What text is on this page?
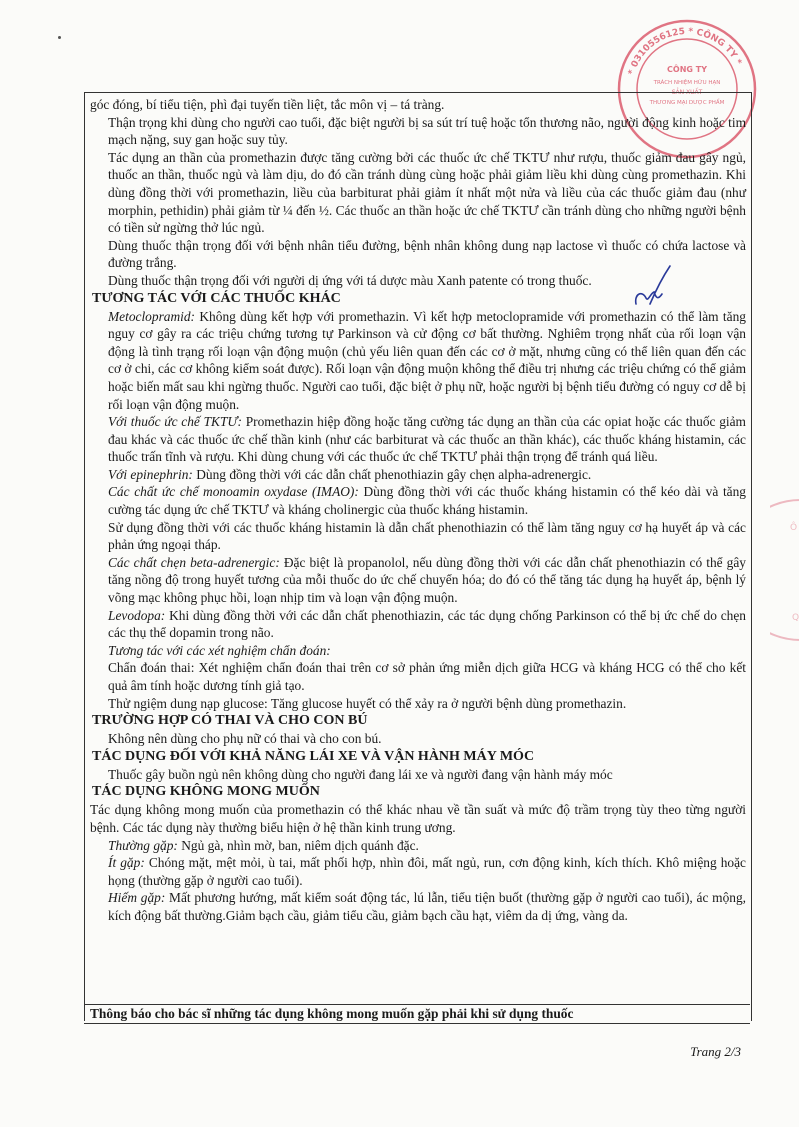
* 0310556125 * CÔNG TY *
CÔNG TY
TRÁCH NHIỆM HỮU HẠN
SẢN XUẤT
THƯƠNG MẠI DƯỢC PHẨM
Ô
Q

góc đóng, bí tiểu tiện, phì đại tuyến tiền liệt, tắc môn vị – tá tràng.

Thận trọng khi dùng cho người cao tuổi, đặc biệt người bị sa sút trí tuệ hoặc tổn thương não, người động kinh hoặc tim mạch nặng, suy gan hoặc suy tủy.

Tác dụng an thần của promethazin được tăng cường bởi các thuốc ức chế TKTƯ như rượu, thuốc giảm đau gây ngủ, thuốc an thần, thuốc ngủ và làm dịu, do đó cần tránh dùng cùng hoặc phải giảm liều khi dùng cùng promethazin. Khi dùng đồng thời với promethazin, liều của barbiturat phải giảm ít nhất một nửa và liều của các thuốc giảm đau (như morphin, pethidin) phải giảm từ ¼ đến ½. Các thuốc an thần hoặc ức chế TKTƯ cần tránh dùng cho những người bệnh có tiền sử ngừng thở lúc ngủ.

Dùng thuốc thận trọng đối với bệnh nhân tiểu đường, bệnh nhân không dung nạp lactose vì thuốc có chứa lactose và đường trắng.

Dùng thuốc thận trọng đối với người dị ứng với tá dược màu Xanh patente có trong thuốc.

TƯƠNG TÁC VỚI CÁC THUỐC KHÁC

Metoclopramid: Không dùng kết hợp với promethazin. Vì kết hợp metoclopramide với promethazin có thể làm tăng nguy cơ gây ra các triệu chứng tương tự Parkinson và cử động cơ bất thường. Nghiêm trọng nhất của rối loạn vận động là tình trạng rối loạn vận động muộn (chủ yếu liên quan đến các cơ ở mặt, nhưng cũng có thể liên quan đến các cơ ở chi, các cơ không kiểm soát được). Rối loạn vận động muộn không thể điều trị nhưng các triệu chứng có thể giảm hoặc biến mất sau khi ngừng thuốc. Người cao tuổi, đặc biệt ở phụ nữ, hoặc người bị bệnh tiểu đường có nguy cơ dễ bị rối loạn vận động muộn.

Với thuốc ức chế TKTƯ: Promethazin hiệp đồng hoặc tăng cường tác dụng an thần của các opiat hoặc các thuốc giảm đau khác và các thuốc ức chế thần kinh (như các barbiturat và các thuốc an thần khác), các thuốc kháng histamin, các thuốc trấn tĩnh và rượu. Khi dùng chung với các thuốc ức chế TKTƯ phải thận trọng để tránh quá liều.

Với epinephrin: Dùng đồng thời với các dẫn chất phenothiazin gây chẹn alpha-adrenergic.

Các chất ức chế monoamin oxydase (IMAO): Dùng đồng thời với các thuốc kháng histamin có thể kéo dài và tăng cường tác dụng ức chế TKTƯ và kháng cholinergic của thuốc kháng histamin.

Sử dụng đồng thời với các thuốc kháng histamin là dẫn chất phenothiazin có thể làm tăng nguy cơ hạ huyết áp và các phản ứng ngoại tháp.

Các chất chẹn beta-adrenergic: Đặc biệt là propanolol, nếu dùng đồng thời với các dẫn chất phenothiazin có thể gây tăng nồng độ trong huyết tương của mỗi thuốc do ức chế chuyển hóa; do đó có thể tăng tác dụng hạ huyết áp, bệnh lý võng mạc không phục hồi, loạn nhịp tim và loạn vận động muộn.

Levodopa: Khi dùng đồng thời với các dẫn chất phenothiazin, các tác dụng chống Parkinson có thể bị ức chế do chẹn các thụ thể dopamin trong não.

Tương tác với các xét nghiệm chẩn đoán:

Chẩn đoán thai: Xét nghiệm chẩn đoán thai trên cơ sở phản ứng miễn dịch giữa HCG và kháng HCG có thể cho kết quả âm tính hoặc dương tính giả tạo.

Thử ngiệm dung nạp glucose: Tăng glucose huyết có thể xảy ra ở người bệnh dùng promethazin.

TRƯỜNG HỢP CÓ THAI VÀ CHO CON BÚ

Không nên dùng cho phụ nữ có thai và cho con bú.

TÁC DỤNG ĐỐI VỚI KHẢ NĂNG LÁI XE VÀ VẬN HÀNH MÁY MÓC

Thuốc gây buồn ngủ nên không dùng cho người đang lái xe và người đang vận hành máy móc

TÁC DỤNG KHÔNG MONG MUỐN

Tác dụng không mong muốn của promethazin có thể khác nhau về tần suất và mức độ trầm trọng tùy theo từng người bệnh. Các tác dụng này thường biểu hiện ở hệ thần kinh trung ương.

Thường gặp: Ngủ gà, nhìn mờ, ban, niêm dịch quánh đặc.

Ít gặp: Chóng mặt, mệt mỏi, ù tai, mất phối hợp, nhìn đôi, mất ngủ, run, cơn động kinh, kích thích. Khô miệng hoặc họng (thường gặp ở người cao tuổi).

Hiếm gặp: Mất phương hướng, mất kiểm soát động tác, lú lẫn, tiểu tiện buốt (thường gặp ở người cao tuổi), ác mộng, kích động bất thường.Giảm bạch cầu, giảm tiểu cầu, giảm bạch cầu hạt, viêm da dị ứng, vàng da.

Thông báo cho bác sĩ những tác dụng không mong muốn gặp phải khi sử dụng thuốc
Trang 2/3
